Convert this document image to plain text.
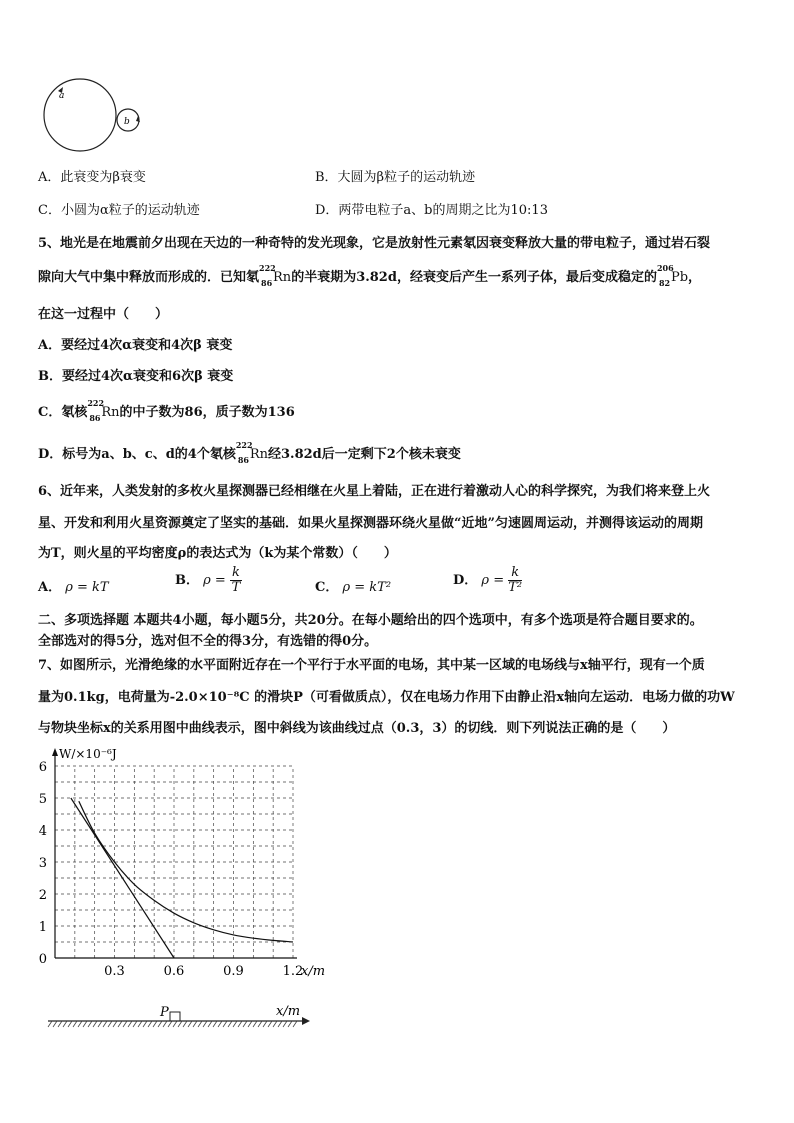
a
b
A．此衰变为β衰变	B．大圆为β粒子的运动轨迹
C．小圆为α粒子的运动轨迹	D．两带电粒子a、b的周期之比为10:13
5、地光是在地震前夕出现在天边的一种奇特的发光现象，它是放射性元素氡因衰变释放大量的带电粒子，通过岩石裂
隙向大气中集中释放而形成的．已知氡
222
86 Rn的半衰期为3.82d，经衰变后产生一系列子体，最后变成稳定的
206
82 Pb，
在这一过程中（　　）
A．要经过4次α衰变和4次β 衰变
B．要经过4次α衰变和6次β 衰变
C．氡核
222
86 Rn的中子数为86，质子数为136
D．标号为a、b、c、d的4个氡核
222
86 Rn经3.82d后一定剩下2个核未衰变
6、近年来，人类发射的多枚火星探测器已经相继在火星上着陆，正在进行着激动人心的科学探究，为我们将来登上火
星、开发和利用火星资源奠定了坚实的基础．如果火星探测器环绕火星做“近地”匀速圆周运动，并测得该运动的周期
为T，则火星的平均密度ρ的表达式为（k为某个常数）（　　）
A． ρ = kT	B． $\rho = \frac{k}{T}$	C． ρ = kT²	D． $\rho = \frac{k}{\text{T²}}$
二、多项选择题 本题共4小题，每小题5分，共20分。在每小题给出的四个选项中，有多个选项是符合题目要求的。
全部选对的得5分，选对但不全的得3分，有选错的得0分。
7、如图所示，光滑绝缘的水平面附近存在一个平行于水平面的电场，其中某一区域的电场线与x轴平行，现有一个质
量为0.1kg，电荷量为-2.0×10⁻⁸C 的滑块P（可看做质点），仅在电场力作用下由静止沿x轴向左运动．电场力做的功W
与物块坐标x的关系用图中曲线表示，图中斜线为该曲线过点（0.3，3）的切线．则下列说法正确的是（　　）
0
1
2
3
4
5
6
0.3	0.6	0.9	1.2
W/×10⁻⁶J
x/m
P	x/m
